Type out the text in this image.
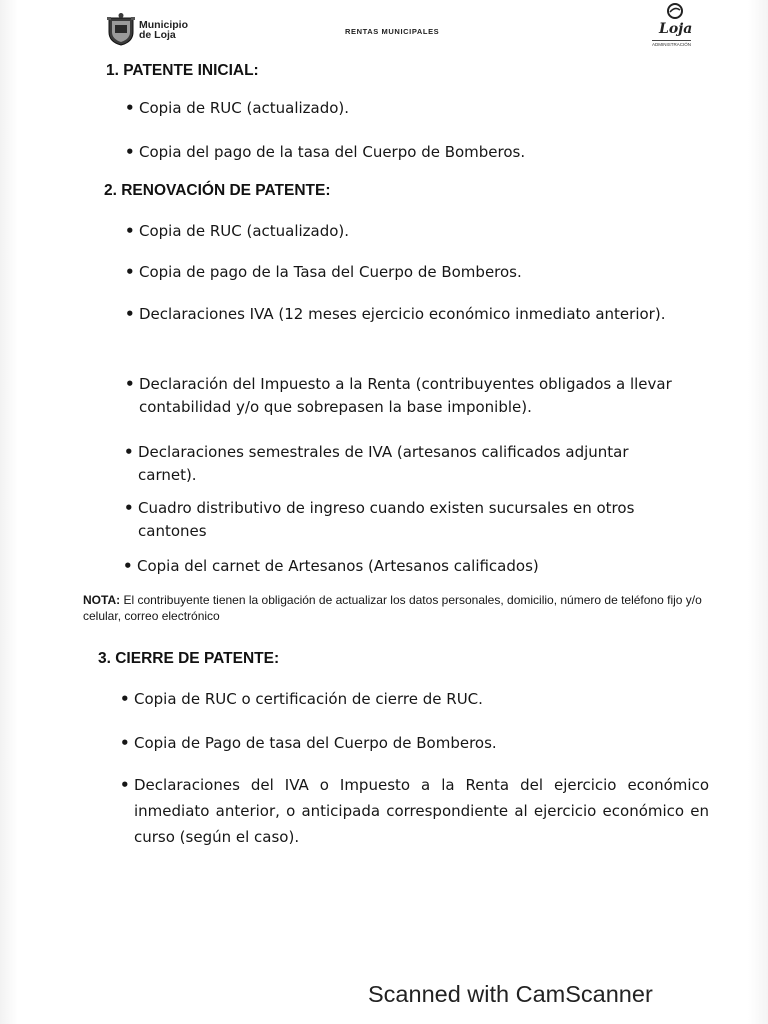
Municipio
de Loja	RENTAS MUNICIPALES	Loja
ADMINISTRACIÓN
1. PATENTE INICIAL:
• Copia de RUC (actualizado).
• Copia del pago de la tasa del Cuerpo de Bomberos.
2. RENOVACIÓN DE PATENTE:
• Copia de RUC (actualizado).
• Copia de pago de la Tasa del Cuerpo de Bomberos.
• Declaraciones IVA (12 meses ejercicio económico inmediato anterior).
• Declaración del Impuesto a la Renta (contribuyentes obligados a llevar contabilidad y/o que sobrepasen la base imponible).
• Declaraciones semestrales de IVA (artesanos calificados adjuntar carnet).
• Cuadro distributivo de ingreso cuando existen sucursales en otros cantones
• Copia del carnet de Artesanos (Artesanos calificados)
NOTA: El contribuyente tienen la obligación de actualizar los datos personales, domicilio, número de teléfono fijo y/o celular, correo electrónico
3. CIERRE DE PATENTE:
• Copia de RUC o certificación de cierre de RUC.
• Copia de Pago de tasa del Cuerpo de Bomberos.
• Declaraciones del IVA o Impuesto a la Renta del ejercicio económico inmediato anterior, o anticipada correspondiente al ejercicio económico en curso (según el caso).
Scanned with CamScanner
